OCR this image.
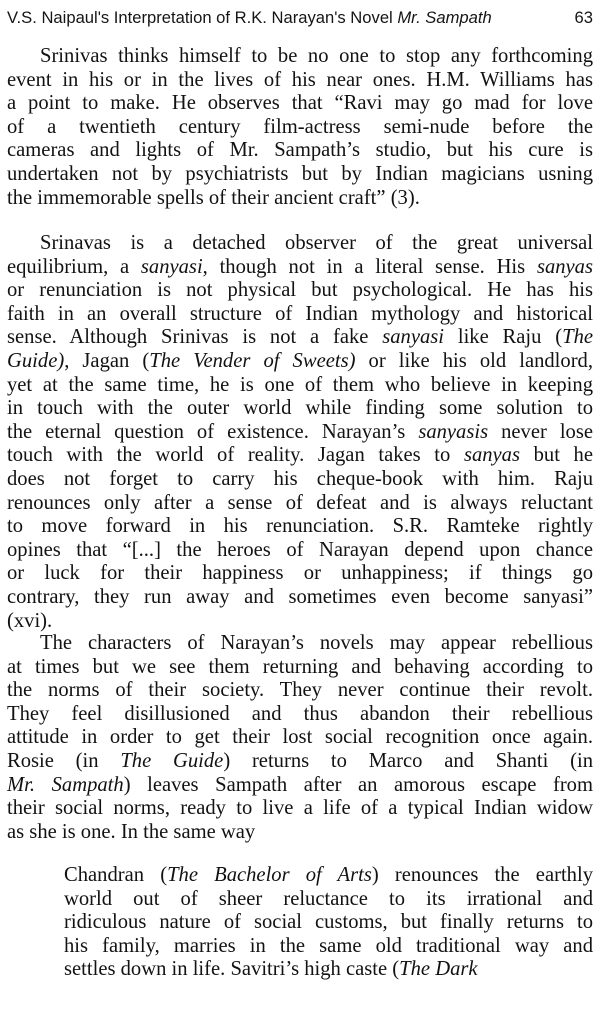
V.S. Naipaul's Interpretation of R.K. Narayan's Novel Mr. Sampath	63
Srinivas thinks himself to be no one to stop any forthcoming
event in his or in the lives of his near ones. H.M. Williams has
a point to make. He observes that “Ravi may go mad for love
of a twentieth century film-actress semi-nude before the
cameras and lights of Mr. Sampath’s studio, but his cure is
undertaken not by psychiatrists but by Indian magicians usning
the immemorable spells of their ancient craft” (3).
Srinavas is a detached observer of the great universal
equilibrium, a sanyasi, though not in a literal sense. His sanyas
or renunciation is not physical but psychological. He has his
faith in an overall structure of Indian mythology and historical
sense. Although Srinivas is not a fake sanyasi like Raju (The
Guide), Jagan (The Vender of Sweets) or like his old landlord,
yet at the same time, he is one of them who believe in keeping
in touch with the outer world while finding some solution to
the eternal question of existence. Narayan’s sanyasis never lose
touch with the world of reality. Jagan takes to sanyas but he
does not forget to carry his cheque-book with him. Raju
renounces only after a sense of defeat and is always reluctant
to move forward in his renunciation. S.R. Ramteke rightly
opines that “[...] the heroes of Narayan depend upon chance
or luck for their happiness or unhappiness; if things go
contrary, they run away and sometimes even become sanyasi”
(xvi).
The characters of Narayan’s novels may appear rebellious
at times but we see them returning and behaving according to
the norms of their society. They never continue their revolt.
They feel disillusioned and thus abandon their rebellious
attitude in order to get their lost social recognition once again.
Rosie (in The Guide) returns to Marco and Shanti (in
Mr. Sampath) leaves Sampath after an amorous escape from
their social norms, ready to live a life of a typical Indian widow
as she is one. In the same way
Chandran (The Bachelor of Arts) renounces the earthly
world out of sheer reluctance to its irrational and
ridiculous nature of social customs, but finally returns to
his family, marries in the same old traditional way and
settles down in life. Savitri’s high caste (The Dark
